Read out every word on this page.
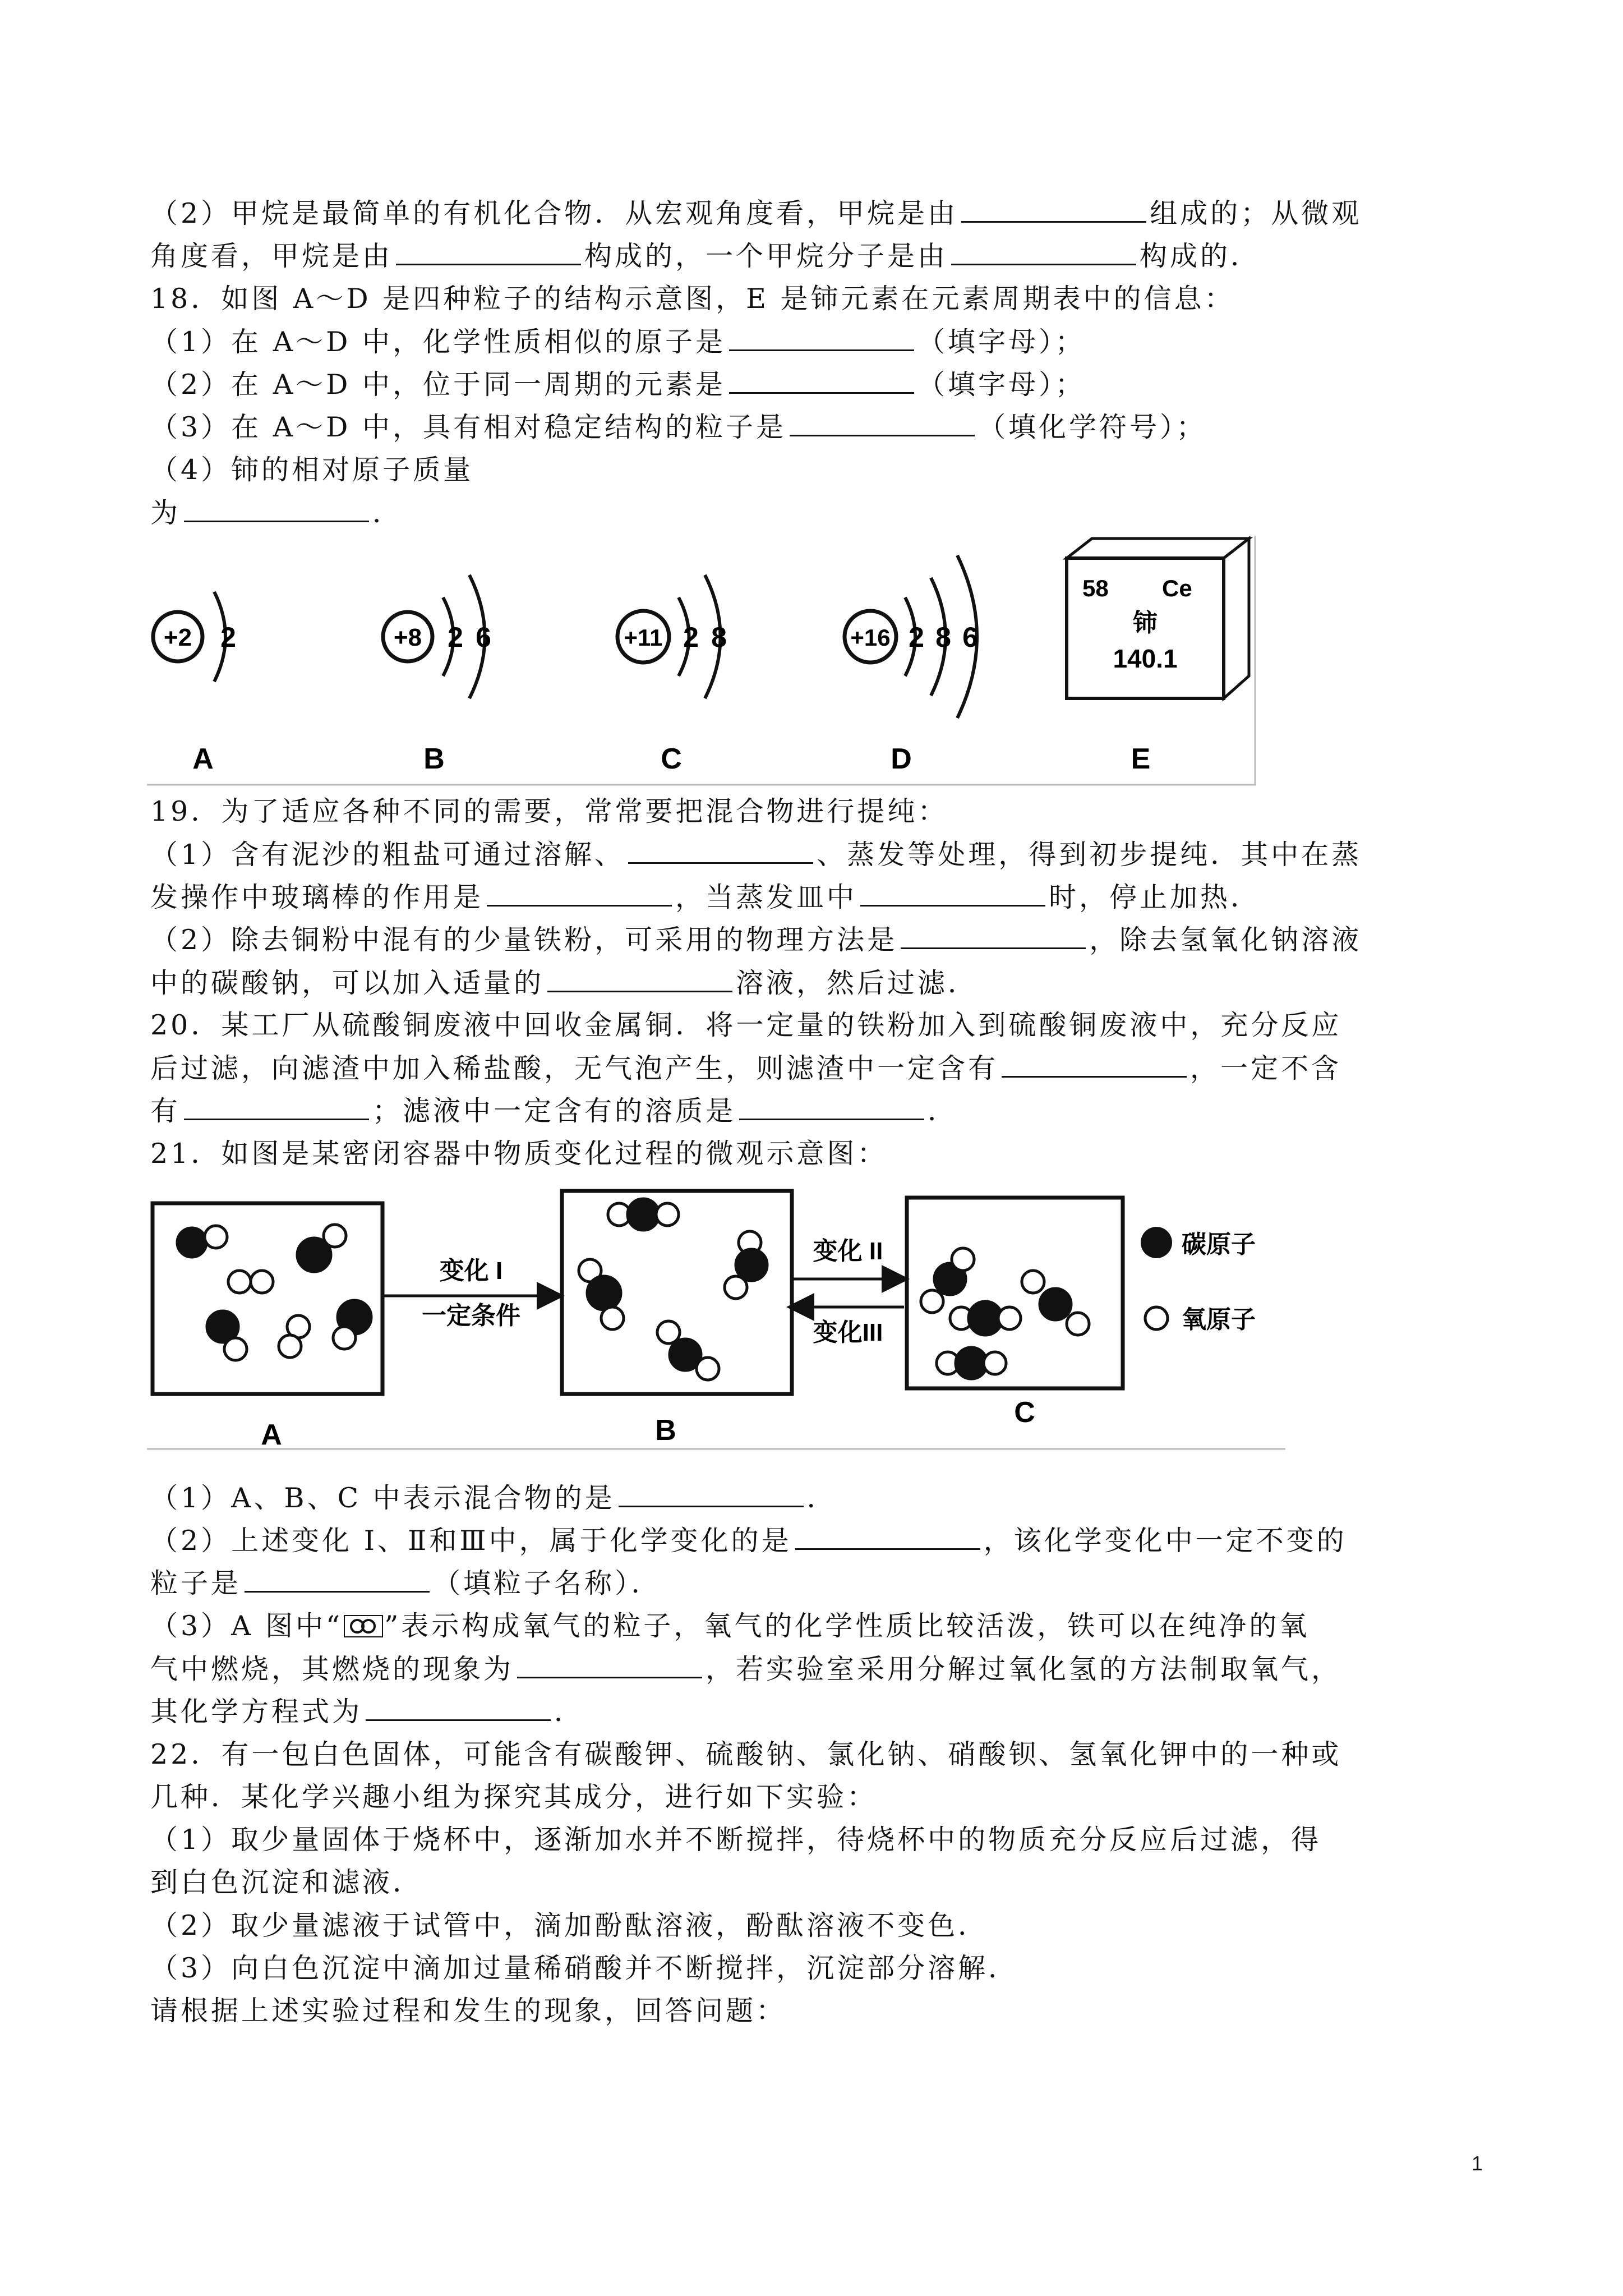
（2）甲烷是最简单的有机化合物．从宏观角度看，甲烷是由	组成的；从微观
角度看，甲烷是由	构成的，一个甲烷分子是由	构成的．
18．如图 A～D 是四种粒子的结构示意图，E 是铈元素在元素周期表中的信息：
（1）在 A～D 中，化学性质相似的原子是	（填字母）；
（2）在 A～D 中，位于同一周期的元素是	（填字母）；
（3）在 A～D 中，具有相对稳定结构的粒子是	（填化学符号）；
（4）铈的相对原子质量
为	．
+2 2
A
+8 2 6
B
+11 2 8
C
+16 2 8 6
D
58 Ce
铈
140.1
E
19．为了适应各种不同的需要，常常要把混合物进行提纯：
（1）含有泥沙的粗盐可通过溶解、	、蒸发等处理，得到初步提纯．其中在蒸
发操作中玻璃棒的作用是	，当蒸发皿中	时，停止加热．
（2）除去铜粉中混有的少量铁粉，可采用的物理方法是	，除去氢氧化钠溶液
中的碳酸钠，可以加入适量的	溶液，然后过滤．
20．某工厂从硫酸铜废液中回收金属铜．将一定量的铁粉加入到硫酸铜废液中，充分反应
后过滤，向滤渣中加入稀盐酸，无气泡产生，则滤渣中一定含有	，一定不含
有	；滤液中一定含有的溶质是	．
21．如图是某密闭容器中物质变化过程的微观示意图：
A
变化 I
一定条件
B
变化 II
变化III
C
碳原子
氧原子
（1）A、B、C 中表示混合物的是	．
（2）上述变化 Ⅰ、Ⅱ和Ⅲ中，属于化学变化的是	，该化学变化中一定不变的
粒子是	（填粒子名称）．
（3）A 图中“ ”表示构成氧气的粒子，氧气的化学性质比较活泼，铁可以在纯净的氧
气中燃烧，其燃烧的现象为	，若实验室采用分解过氧化氢的方法制取氧气，
其化学方程式为	．
22．有一包白色固体，可能含有碳酸钾、硫酸钠、氯化钠、硝酸钡、氢氧化钾中的一种或
几种．某化学兴趣小组为探究其成分，进行如下实验：
（1）取少量固体于烧杯中，逐渐加水并不断搅拌，待烧杯中的物质充分反应后过滤，得
到白色沉淀和滤液．
（2）取少量滤液于试管中，滴加酚酞溶液，酚酞溶液不变色．
（3）向白色沉淀中滴加过量稀硝酸并不断搅拌，沉淀部分溶解．
请根据上述实验过程和发生的现象，回答问题：
1
